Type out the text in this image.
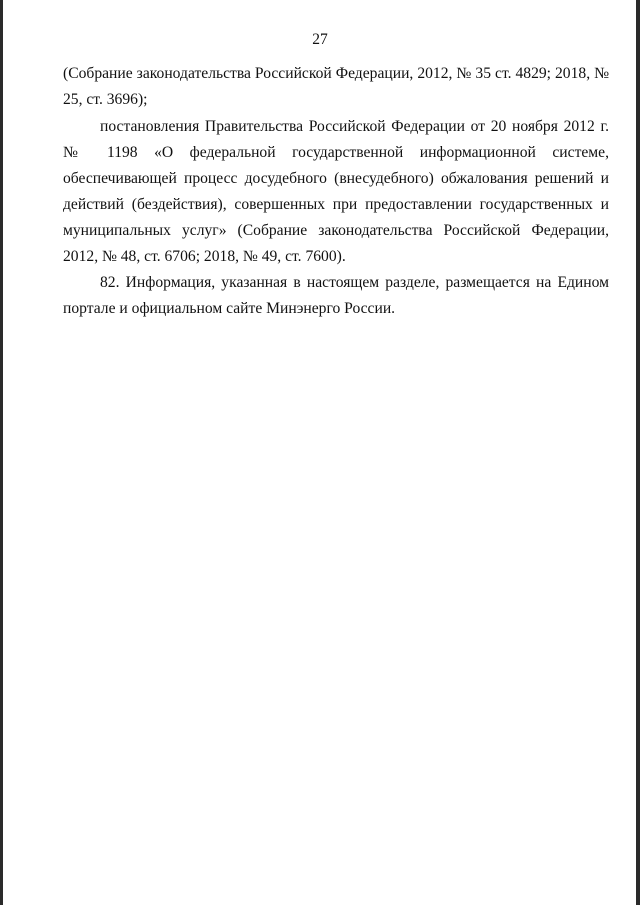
27

(Собрание законодательства Российской Федерации, 2012, № 35 ст. 4829; 2018, № 25, ст. 3696);

постановления Правительства Российской Федерации от 20 ноября 2012 г. № 1198 «О федеральной государственной информационной системе, обеспечивающей процесс досудебного (внесудебного) обжалования решений и действий (бездействия), совершенных при предоставлении государственных и муниципальных услуг» (Собрание законодательства Российской Федерации, 2012, № 48, ст. 6706; 2018, № 49, ст. 7600).

82. Информация, указанная в настоящем разделе, размещается на Едином портале и официальном сайте Минэнерго России.
